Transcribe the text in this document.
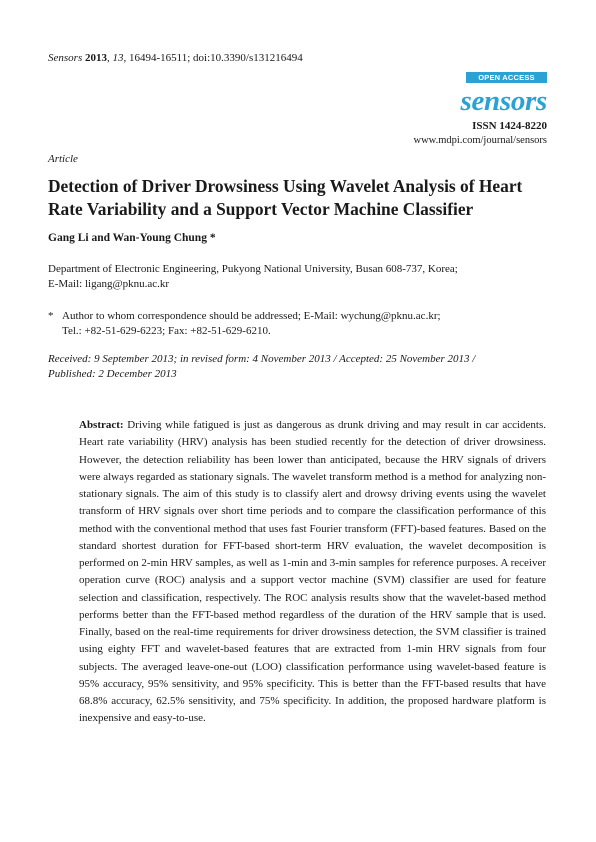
Sensors 2013, 13, 16494-16511; doi:10.3390/s131216494
OPEN ACCESS
sensors
ISSN 1424-8220
www.mdpi.com/journal/sensors
Article
Detection of Driver Drowsiness Using Wavelet Analysis of Heart Rate Variability and a Support Vector Machine Classifier
Gang Li and Wan-Young Chung *
Department of Electronic Engineering, Pukyong National University, Busan 608-737, Korea;
E-Mail: ligang@pknu.ac.kr
* Author to whom correspondence should be addressed; E-Mail: wychung@pknu.ac.kr;
Tel.: +82-51-629-6223; Fax: +82-51-629-6210.
Received: 9 September 2013; in revised form: 4 November 2013 / Accepted: 25 November 2013 /
Published: 2 December 2013
Abstract: Driving while fatigued is just as dangerous as drunk driving and may result in car accidents. Heart rate variability (HRV) analysis has been studied recently for the detection of driver drowsiness. However, the detection reliability has been lower than anticipated, because the HRV signals of drivers were always regarded as stationary signals. The wavelet transform method is a method for analyzing non-stationary signals. The aim of this study is to classify alert and drowsy driving events using the wavelet transform of HRV signals over short time periods and to compare the classification performance of this method with the conventional method that uses fast Fourier transform (FFT)-based features. Based on the standard shortest duration for FFT-based short-term HRV evaluation, the wavelet decomposition is performed on 2-min HRV samples, as well as 1-min and 3-min samples for reference purposes. A receiver operation curve (ROC) analysis and a support vector machine (SVM) classifier are used for feature selection and classification, respectively. The ROC analysis results show that the wavelet-based method performs better than the FFT-based method regardless of the duration of the HRV sample that is used. Finally, based on the real-time requirements for driver drowsiness detection, the SVM classifier is trained using eighty FFT and wavelet-based features that are extracted from 1-min HRV signals from four subjects. The averaged leave-one-out (LOO) classification performance using wavelet-based feature is 95% accuracy, 95% sensitivity, and 95% specificity. This is better than the FFT-based results that have 68.8% accuracy, 62.5% sensitivity, and 75% specificity. In addition, the proposed hardware platform is inexpensive and easy-to-use.
